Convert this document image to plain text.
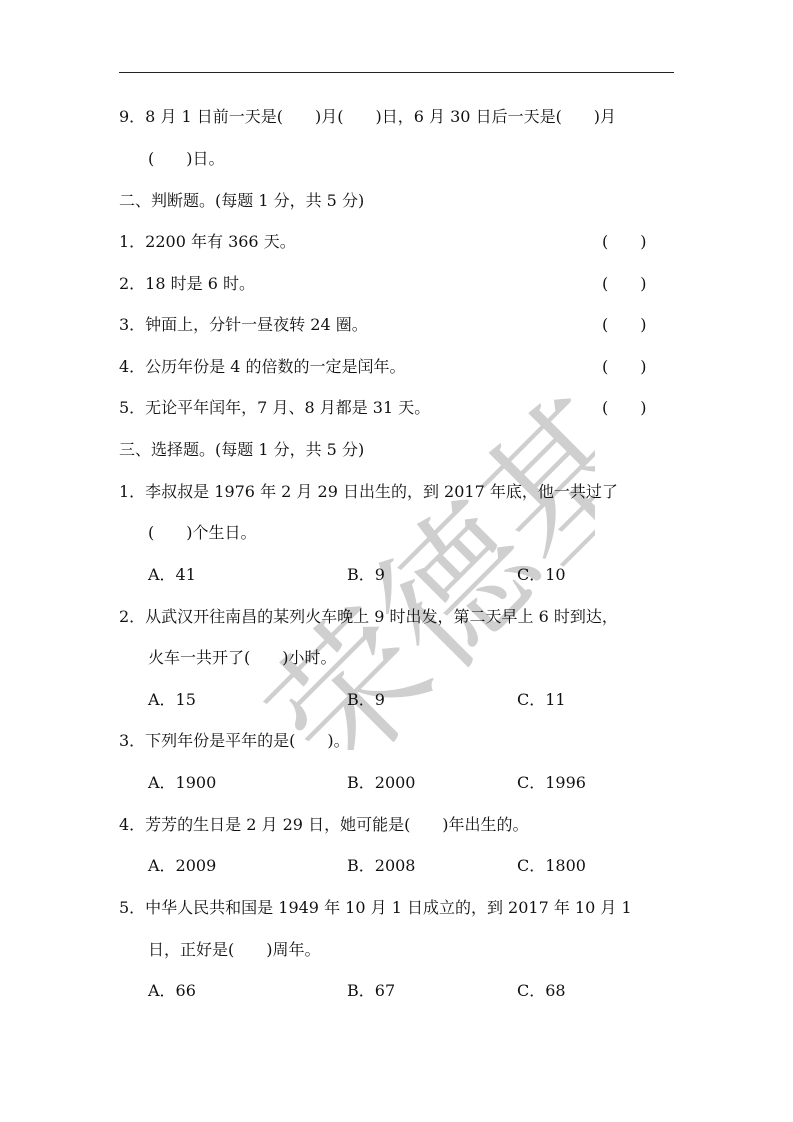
荣德基
9．8 月 1 日前一天是(　　)月(　　)日，6 月 30 日后一天是(　　)月
(　　)日。
二、判断题。(每题 1 分，共 5 分)
1．2200 年有 366 天。	(　　)
2．18 时是 6 时。	(　　)
3．钟面上，分针一昼夜转 24 圈。	(　　)
4．公历年份是 4 的倍数的一定是闰年。	(　　)
5．无论平年闰年，7 月、8 月都是 31 天。	(　　)
三、选择题。(每题 1 分，共 5 分)
1．李叔叔是 1976 年 2 月 29 日出生的，到 2017 年底，他一共过了
(　　)个生日。
A．41	B．9	C．10
2．从武汉开往南昌的某列火车晚上 9 时出发，第二天早上 6 时到达，
火车一共开了(　　)小时。
A．15	B．9	C．11
3．下列年份是平年的是(　　)。
A．1900	B．2000	C．1996
4．芳芳的生日是 2 月 29 日，她可能是(　　)年出生的。
A．2009	B．2008	C．1800
5．中华人民共和国是 1949 年 10 月 1 日成立的，到 2017 年 10 月 1
日，正好是(　　)周年。
A．66	B．67	C．68
